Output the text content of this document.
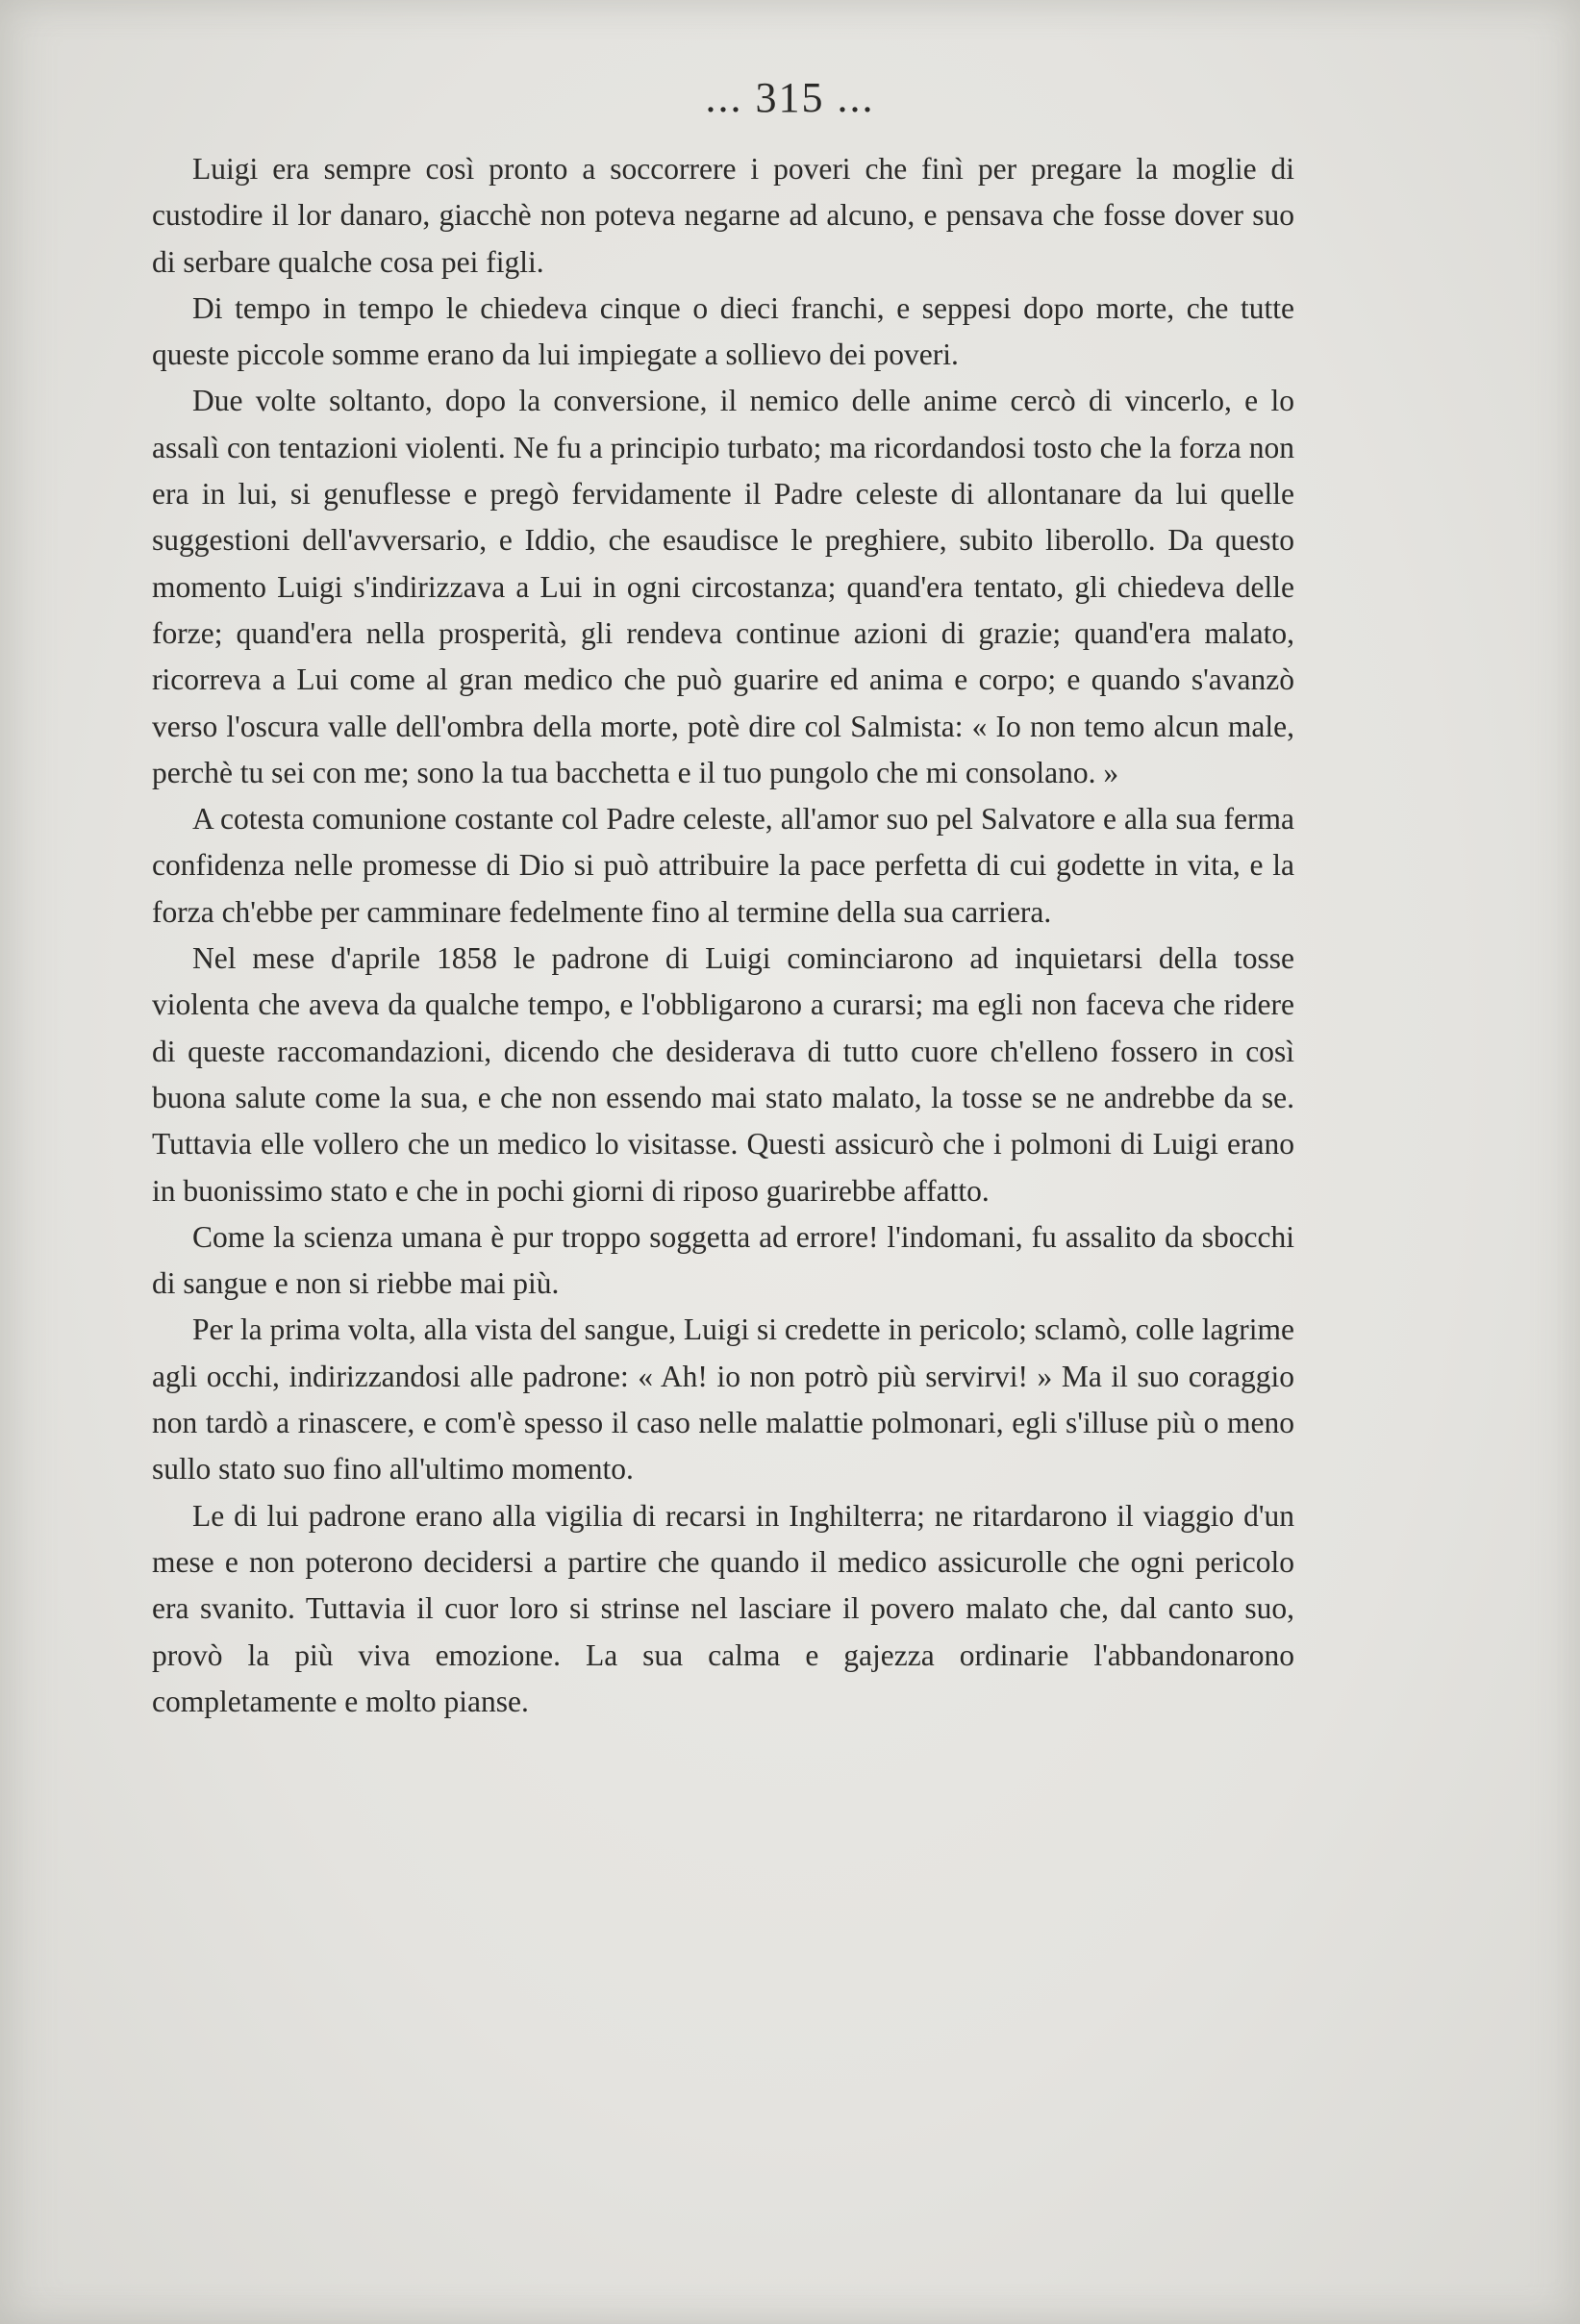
... 315 ...

Luigi era sempre così pronto a soccorrere i poveri che finì per pregare la moglie di custodire il lor danaro, giacchè non poteva negarne ad alcuno, e pensava che fosse dover suo di serbare qualche cosa pei figli.

Di tempo in tempo le chiedeva cinque o dieci franchi, e seppesi dopo morte, che tutte queste piccole somme erano da lui impiegate a sollievo dei poveri.

Due volte soltanto, dopo la conversione, il nemico delle anime cercò di vincerlo, e lo assalì con tentazioni violenti. Ne fu a principio turbato; ma ricordandosi tosto che la forza non era in lui, si genuflesse e pregò fervidamente il Padre celeste di allontanare da lui quelle suggestioni dell'avversario, e Iddio, che esaudisce le preghiere, subito liberollo. Da questo momento Luigi s'indirizzava a Lui in ogni circostanza; quand'era tentato, gli chiedeva delle forze; quand'era nella prosperità, gli rendeva continue azioni di grazie; quand'era malato, ricorreva a Lui come al gran medico che può guarire ed anima e corpo; e quando s'avanzò verso l'oscura valle dell'ombra della morte, potè dire col Salmista: « Io non temo alcun male, perchè tu sei con me; sono la tua bacchetta e il tuo pungolo che mi consolano. »

A cotesta comunione costante col Padre celeste, all'amor suo pel Salvatore e alla sua ferma confidenza nelle promesse di Dio si può attribuire la pace perfetta di cui godette in vita, e la forza ch'ebbe per camminare fedelmente fino al termine della sua carriera.

Nel mese d'aprile 1858 le padrone di Luigi cominciarono ad inquietarsi della tosse violenta che aveva da qualche tempo, e l'obbligarono a curarsi; ma egli non faceva che ridere di queste raccomandazioni, dicendo che desiderava di tutto cuore ch'elleno fossero in così buona salute come la sua, e che non essendo mai stato malato, la tosse se ne andrebbe da se. Tuttavia elle vollero che un medico lo visitasse. Questi assicurò che i polmoni di Luigi erano in buonissimo stato e che in pochi giorni di riposo guarirebbe affatto.

Come la scienza umana è pur troppo soggetta ad errore! l'indomani, fu assalito da sbocchi di sangue e non si riebbe mai più.

Per la prima volta, alla vista del sangue, Luigi si credette in pericolo; sclamò, colle lagrime agli occhi, indirizzandosi alle padrone: « Ah! io non potrò più servirvi! » Ma il suo coraggio non tardò a rinascere, e com'è spesso il caso nelle malattie polmonari, egli s'illuse più o meno sullo stato suo fino all'ultimo momento.

Le di lui padrone erano alla vigilia di recarsi in Inghilterra; ne ritardarono il viaggio d'un mese e non poterono decidersi a partire che quando il medico assicurolle che ogni pericolo era svanito. Tuttavia il cuor loro si strinse nel lasciare il povero malato che, dal canto suo, provò la più viva emozione. La sua calma e gajezza ordinarie l'abbandonarono completamente e molto pianse.
